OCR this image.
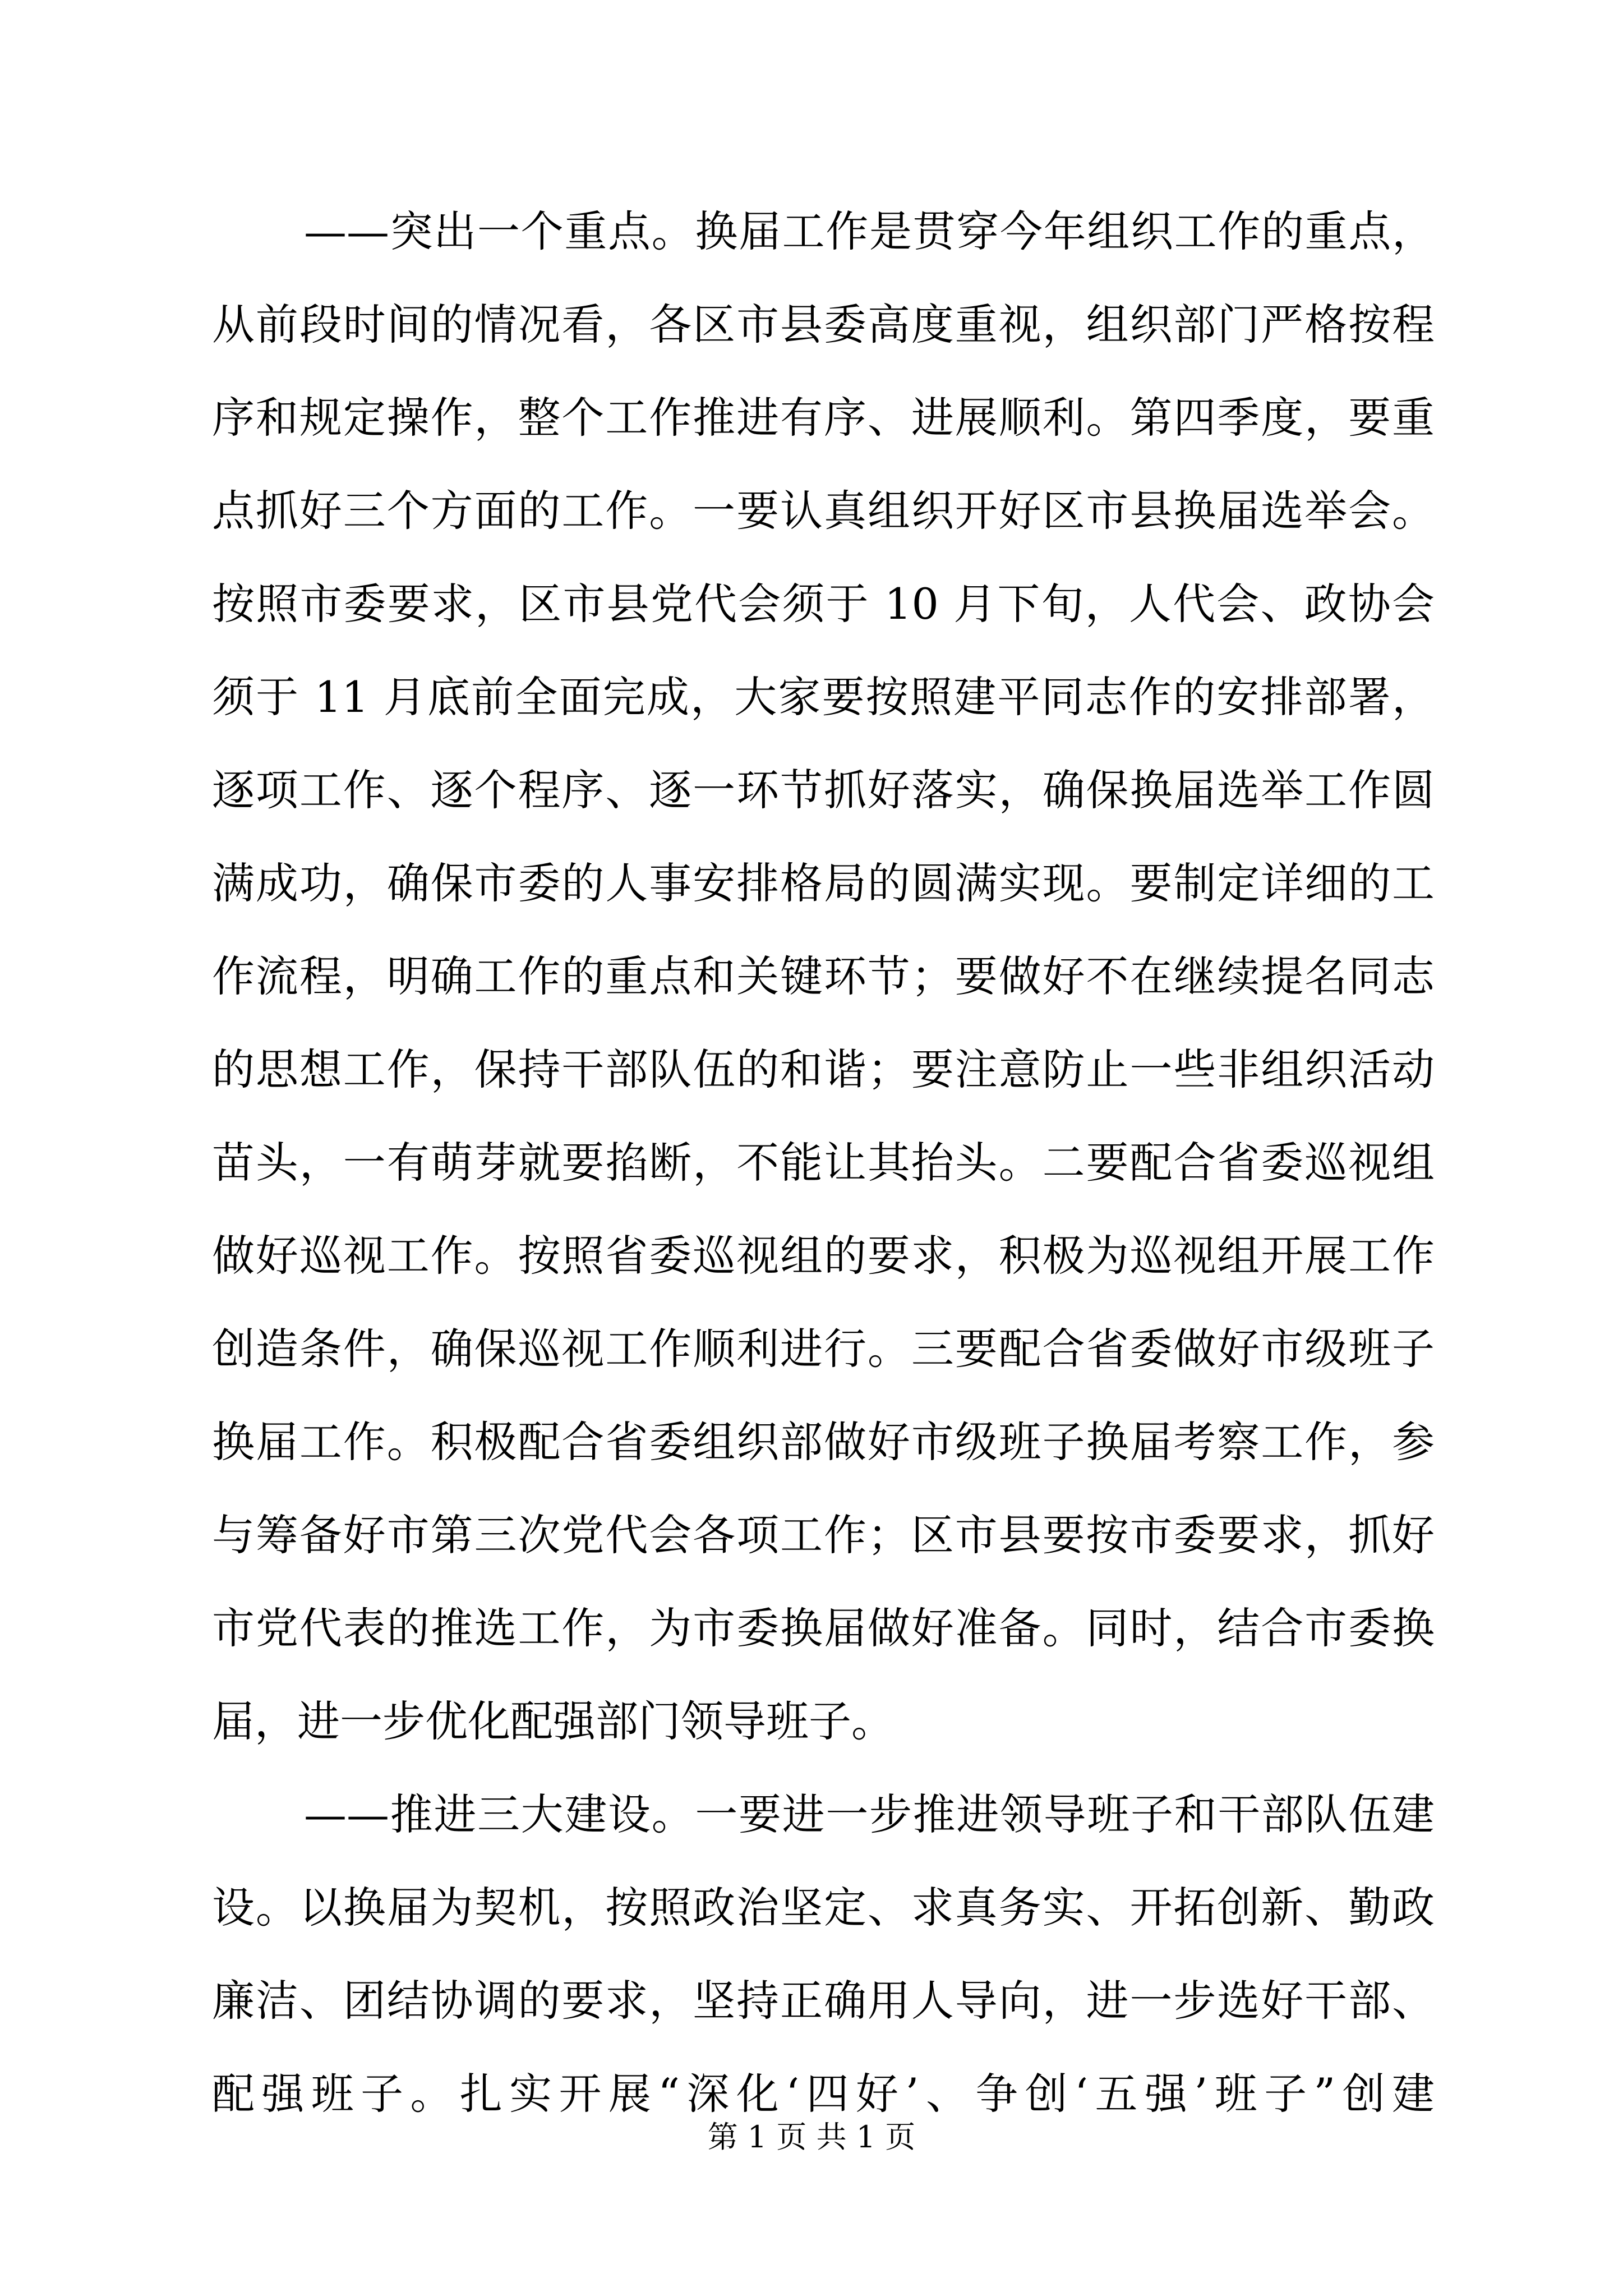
——突出一个重点。换届工作是贯穿今年组织工作的重点，
从前段时间的情况看，各区市县委高度重视，组织部门严格按程
序和规定操作，整个工作推进有序、进展顺利。第四季度，要重
点抓好三个方面的工作。一要认真组织开好区市县换届选举会。
按照市委要求，区市县党代会须于 10 月下旬，人代会、政协会
须于 11 月底前全面完成，大家要按照建平同志作的安排部署，
逐项工作、逐个程序、逐一环节抓好落实，确保换届选举工作圆
满成功，确保市委的人事安排格局的圆满实现。要制定详细的工
作流程，明确工作的重点和关键环节；要做好不在继续提名同志
的思想工作，保持干部队伍的和谐；要注意防止一些非组织活动
苗头，一有萌芽就要掐断，不能让其抬头。二要配合省委巡视组
做好巡视工作。按照省委巡视组的要求，积极为巡视组开展工作
创造条件，确保巡视工作顺利进行。三要配合省委做好市级班子
换届工作。积极配合省委组织部做好市级班子换届考察工作，参
与筹备好市第三次党代会各项工作；区市县要按市委要求，抓好
市党代表的推选工作，为市委换届做好准备。同时，结合市委换
届，进一步优化配强部门领导班子。
——推进三大建设。一要进一步推进领导班子和干部队伍建
设。以换届为契机，按照政治坚定、求真务实、开拓创新、勤政
廉洁、团结协调的要求，坚持正确用人导向，进一步选好干部、
配强班子。扎实开展“深化‘四好’、争创‘五强’班子”创建
第 1 页 共 1 页
